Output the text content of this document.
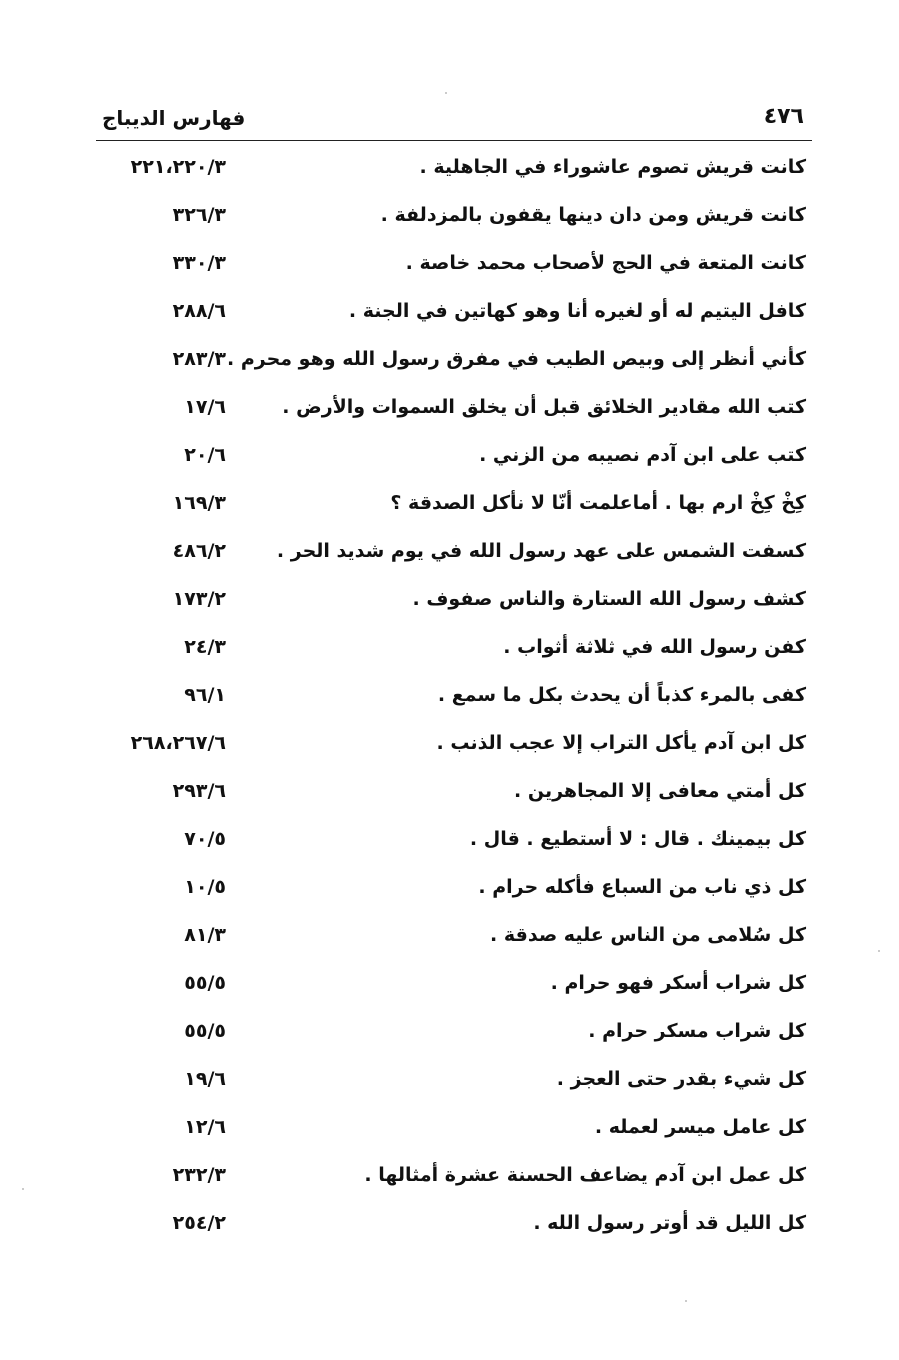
٤٧٦
فهارس الديباج
كانت قريش تصوم عاشوراء في الجاهلية .
٢٢١،٢٢٠/٣
كانت قريش ومن دان دينها يقفون بالمزدلفة .
٣٢٦/٣
كانت المتعة في الحج لأصحاب محمد خاصة .
٣٣٠/٣
كافل اليتيم له أو لغيره أنا وهو كهاتين في الجنة .
٢٨٨/٦
كأني أنظر إلى وبيص الطيب في مفرق رسول الله وهو محرم .
٢٨٣/٣
كتب الله مقادير الخلائق قبل أن يخلق السموات والأرض .
١٧/٦
كتب على ابن آدم نصيبه من الزني .
٢٠/٦
كِخْ كِخْ ارم بها . أماعلمت أنّا لا نأكل الصدقة ؟
١٦٩/٣
كسفت الشمس على عهد رسول الله في يوم شديد الحر .
٤٨٦/٢
كشف رسول الله الستارة والناس صفوف .
١٧٣/٢
كفن رسول الله في ثلاثة أثواب .
٢٤/٣
كفى بالمرء كذباً أن يحدث بكل ما سمع .
٩٦/١
كل ابن آدم يأكل التراب إلا عجب الذنب .
٢٦٨،٢٦٧/٦
كل أمتي معافى إلا المجاهرين .
٢٩٣/٦
كل بيمينك . قال : لا أستطيع . قال .
٧٠/٥
كل ذي ناب من السباع فأكله حرام .
١٠/٥
كل سُلامى من الناس عليه صدقة .
٨١/٣
كل شراب أسكر فهو حرام .
٥٥/٥
كل شراب مسكر حرام .
٥٥/٥
كل شيء بقدر حتى العجز .
١٩/٦
كل عامل ميسر لعمله .
١٢/٦
كل عمل ابن آدم يضاعف الحسنة عشرة أمثالها .
٢٣٢/٣
كل الليل قد أوتر رسول الله .
٢٥٤/٢
